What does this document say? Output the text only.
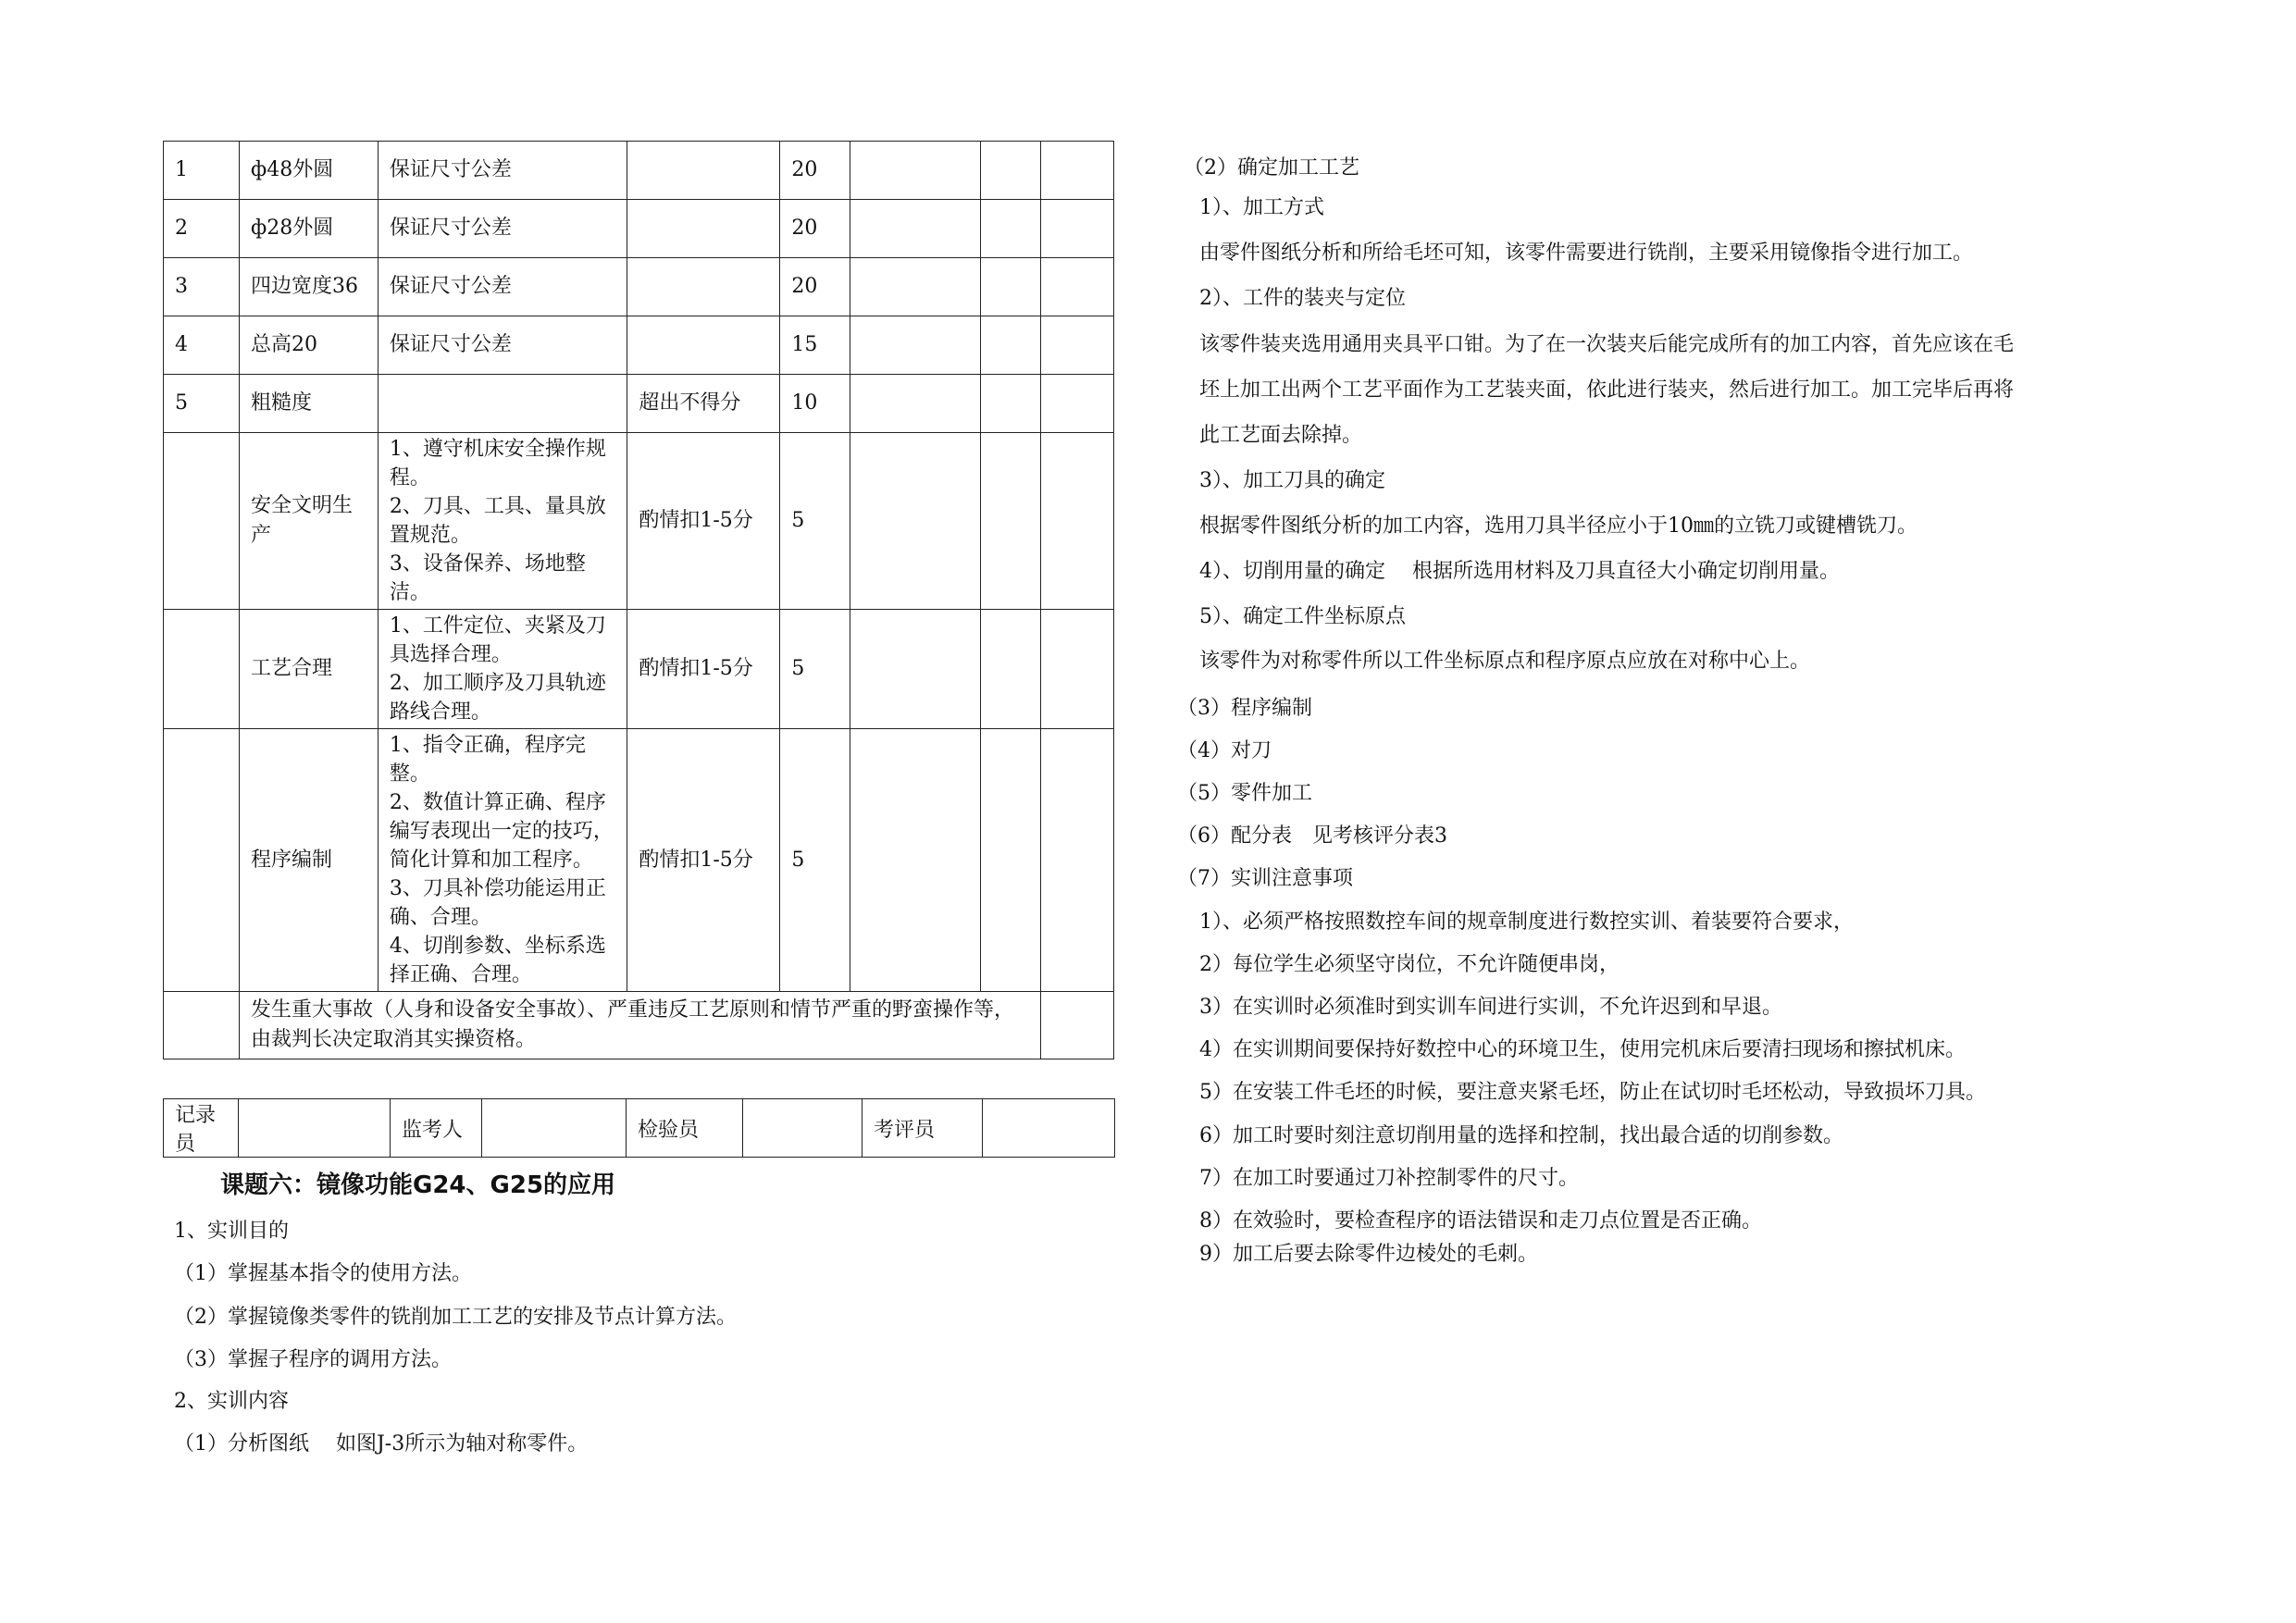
1	ф48外圆	保证尺寸公差		20			
2	ф28外圆	保证尺寸公差		20			
3	四边宽度36	保证尺寸公差		20			
4	总高20	保证尺寸公差		15			
5	粗糙度		超出不得分	10			
	安全文明生产	1、遵守机床安全操作规程。
2、刀具、工具、量具放置规范。
3、设备保养、场地整洁。	酌情扣1-5分	5			
	工艺合理	1、工件定位、夹紧及刀具选择合理。
2、加工顺序及刀具轨迹路线合理。	酌情扣1-5分	5			
	程序编制	1、指令正确，程序完整。
2、数值计算正确、程序编写表现出一定的技巧，简化计算和加工程序。
3、刀具补偿功能运用正确、合理。
4、切削参数、坐标系选择正确、合理。	酌情扣1-5分	5			
	发生重大事故（人身和设备安全事故）、严重违反工艺原则和情节严重的野蛮操作等，由裁判长决定取消其实操资格。						
记录员		监考人		检验员		考评员	
课题六：镜像功能G24、G25的应用
1、实训目的
（1）掌握基本指令的使用方法。
（2）掌握镜像类零件的铣削加工工艺的安排及节点计算方法。
（3）掌握子程序的调用方法。
2、实训内容
（1）分析图纸　 如图J-3所示为轴对称零件。
（2）确定加工工艺
1）、加工方式
由零件图纸分析和所给毛坯可知，该零件需要进行铣削，主要采用镜像指令进行加工。
2）、工件的装夹与定位
该零件装夹选用通用夹具平口钳。为了在一次装夹后能完成所有的加工内容，首先应该在毛
坯上加工出两个工艺平面作为工艺装夹面，依此进行装夹，然后进行加工。加工完毕后再将
此工艺面去除掉。
3）、加工刀具的确定
根据零件图纸分析的加工内容，选用刀具半径应小于10㎜的立铣刀或键槽铣刀。
4）、切削用量的确定　 根据所选用材料及刀具直径大小确定切削用量。
5）、确定工件坐标原点
该零件为对称零件所以工件坐标原点和程序原点应放在对称中心上。
（3）程序编制
（4）对刀
（5）零件加工
（6）配分表　见考核评分表3
（7）实训注意事项
1）、必须严格按照数控车间的规章制度进行数控实训、着装要符合要求，
2）每位学生必须坚守岗位，不允许随便串岗，
3）在实训时必须准时到实训车间进行实训，不允许迟到和早退。
4）在实训期间要保持好数控中心的环境卫生，使用完机床后要清扫现场和擦拭机床。
5）在安装工件毛坯的时候，要注意夹紧毛坯，防止在试切时毛坯松动，导致损坏刀具。
6）加工时要时刻注意切削用量的选择和控制，找出最合适的切削参数。
7）在加工时要通过刀补控制零件的尺寸。
8）在效验时，要检查程序的语法错误和走刀点位置是否正确。
9）加工后要去除零件边棱处的毛刺。
